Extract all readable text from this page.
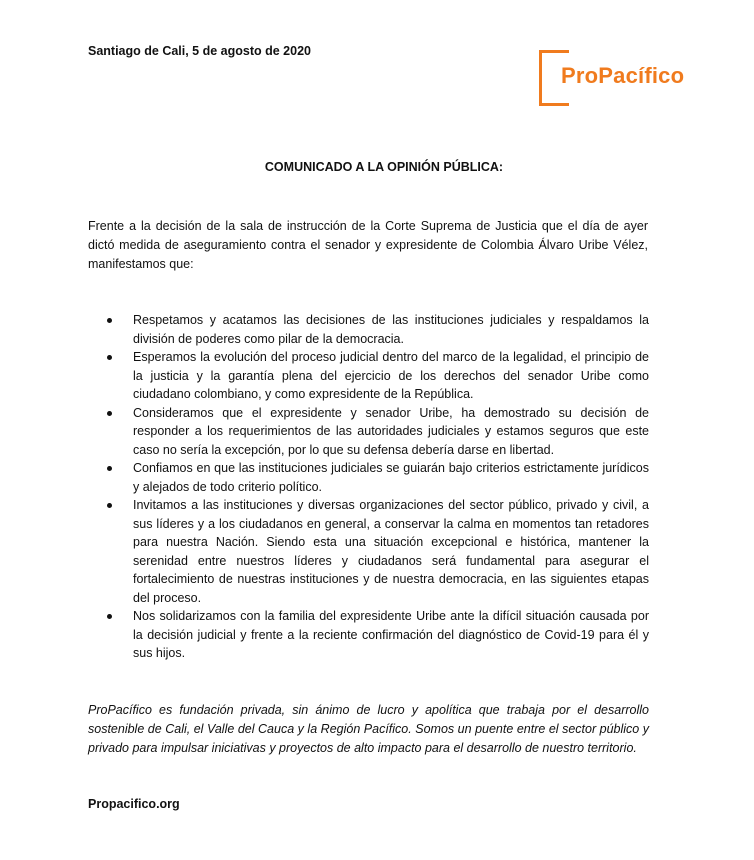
Santiago de Cali, 5 de agosto de 2020

ProPacífico

COMUNICADO A LA OPINIÓN PÚBLICA:

Frente a la decisión de la sala de instrucción de la Corte Suprema de Justicia que el día de ayer dictó medida de aseguramiento contra el senador y expresidente de Colombia Álvaro Uribe Vélez, manifestamos que:

Respetamos y acatamos las decisiones de las instituciones judiciales y respaldamos la división de poderes como pilar de la democracia.
Esperamos la evolución del proceso judicial dentro del marco de la legalidad, el principio de la justicia y la garantía plena del ejercicio de los derechos del senador Uribe como ciudadano colombiano, y como expresidente de la República.
Consideramos que el expresidente y senador Uribe, ha demostrado su decisión de responder a los requerimientos de las autoridades judiciales y estamos seguros que este caso no sería la excepción, por lo que su defensa debería darse en libertad.
Confiamos en que las instituciones judiciales se guiarán bajo criterios estrictamente jurídicos y alejados de todo criterio político.
Invitamos a las instituciones y diversas organizaciones del sector público, privado y civil, a sus líderes y a los ciudadanos en general, a conservar la calma en momentos tan retadores para nuestra Nación. Siendo esta una situación excepcional e histórica, mantener la serenidad entre nuestros líderes y ciudadanos será fundamental para asegurar el fortalecimiento de nuestras instituciones y de nuestra democracia, en las siguientes etapas del proceso.
Nos solidarizamos con la familia del expresidente Uribe ante la difícil situación causada por la decisión judicial y frente a la reciente confirmación del diagnóstico de Covid-19 para él y sus hijos.

ProPacífico es fundación privada, sin ánimo de lucro y apolítica que trabaja por el desarrollo sostenible de Cali, el Valle del Cauca y la Región Pacífico. Somos un puente entre el sector público y privado para impulsar iniciativas y proyectos de alto impacto para el desarrollo de nuestro territorio.

Propacifico.org
